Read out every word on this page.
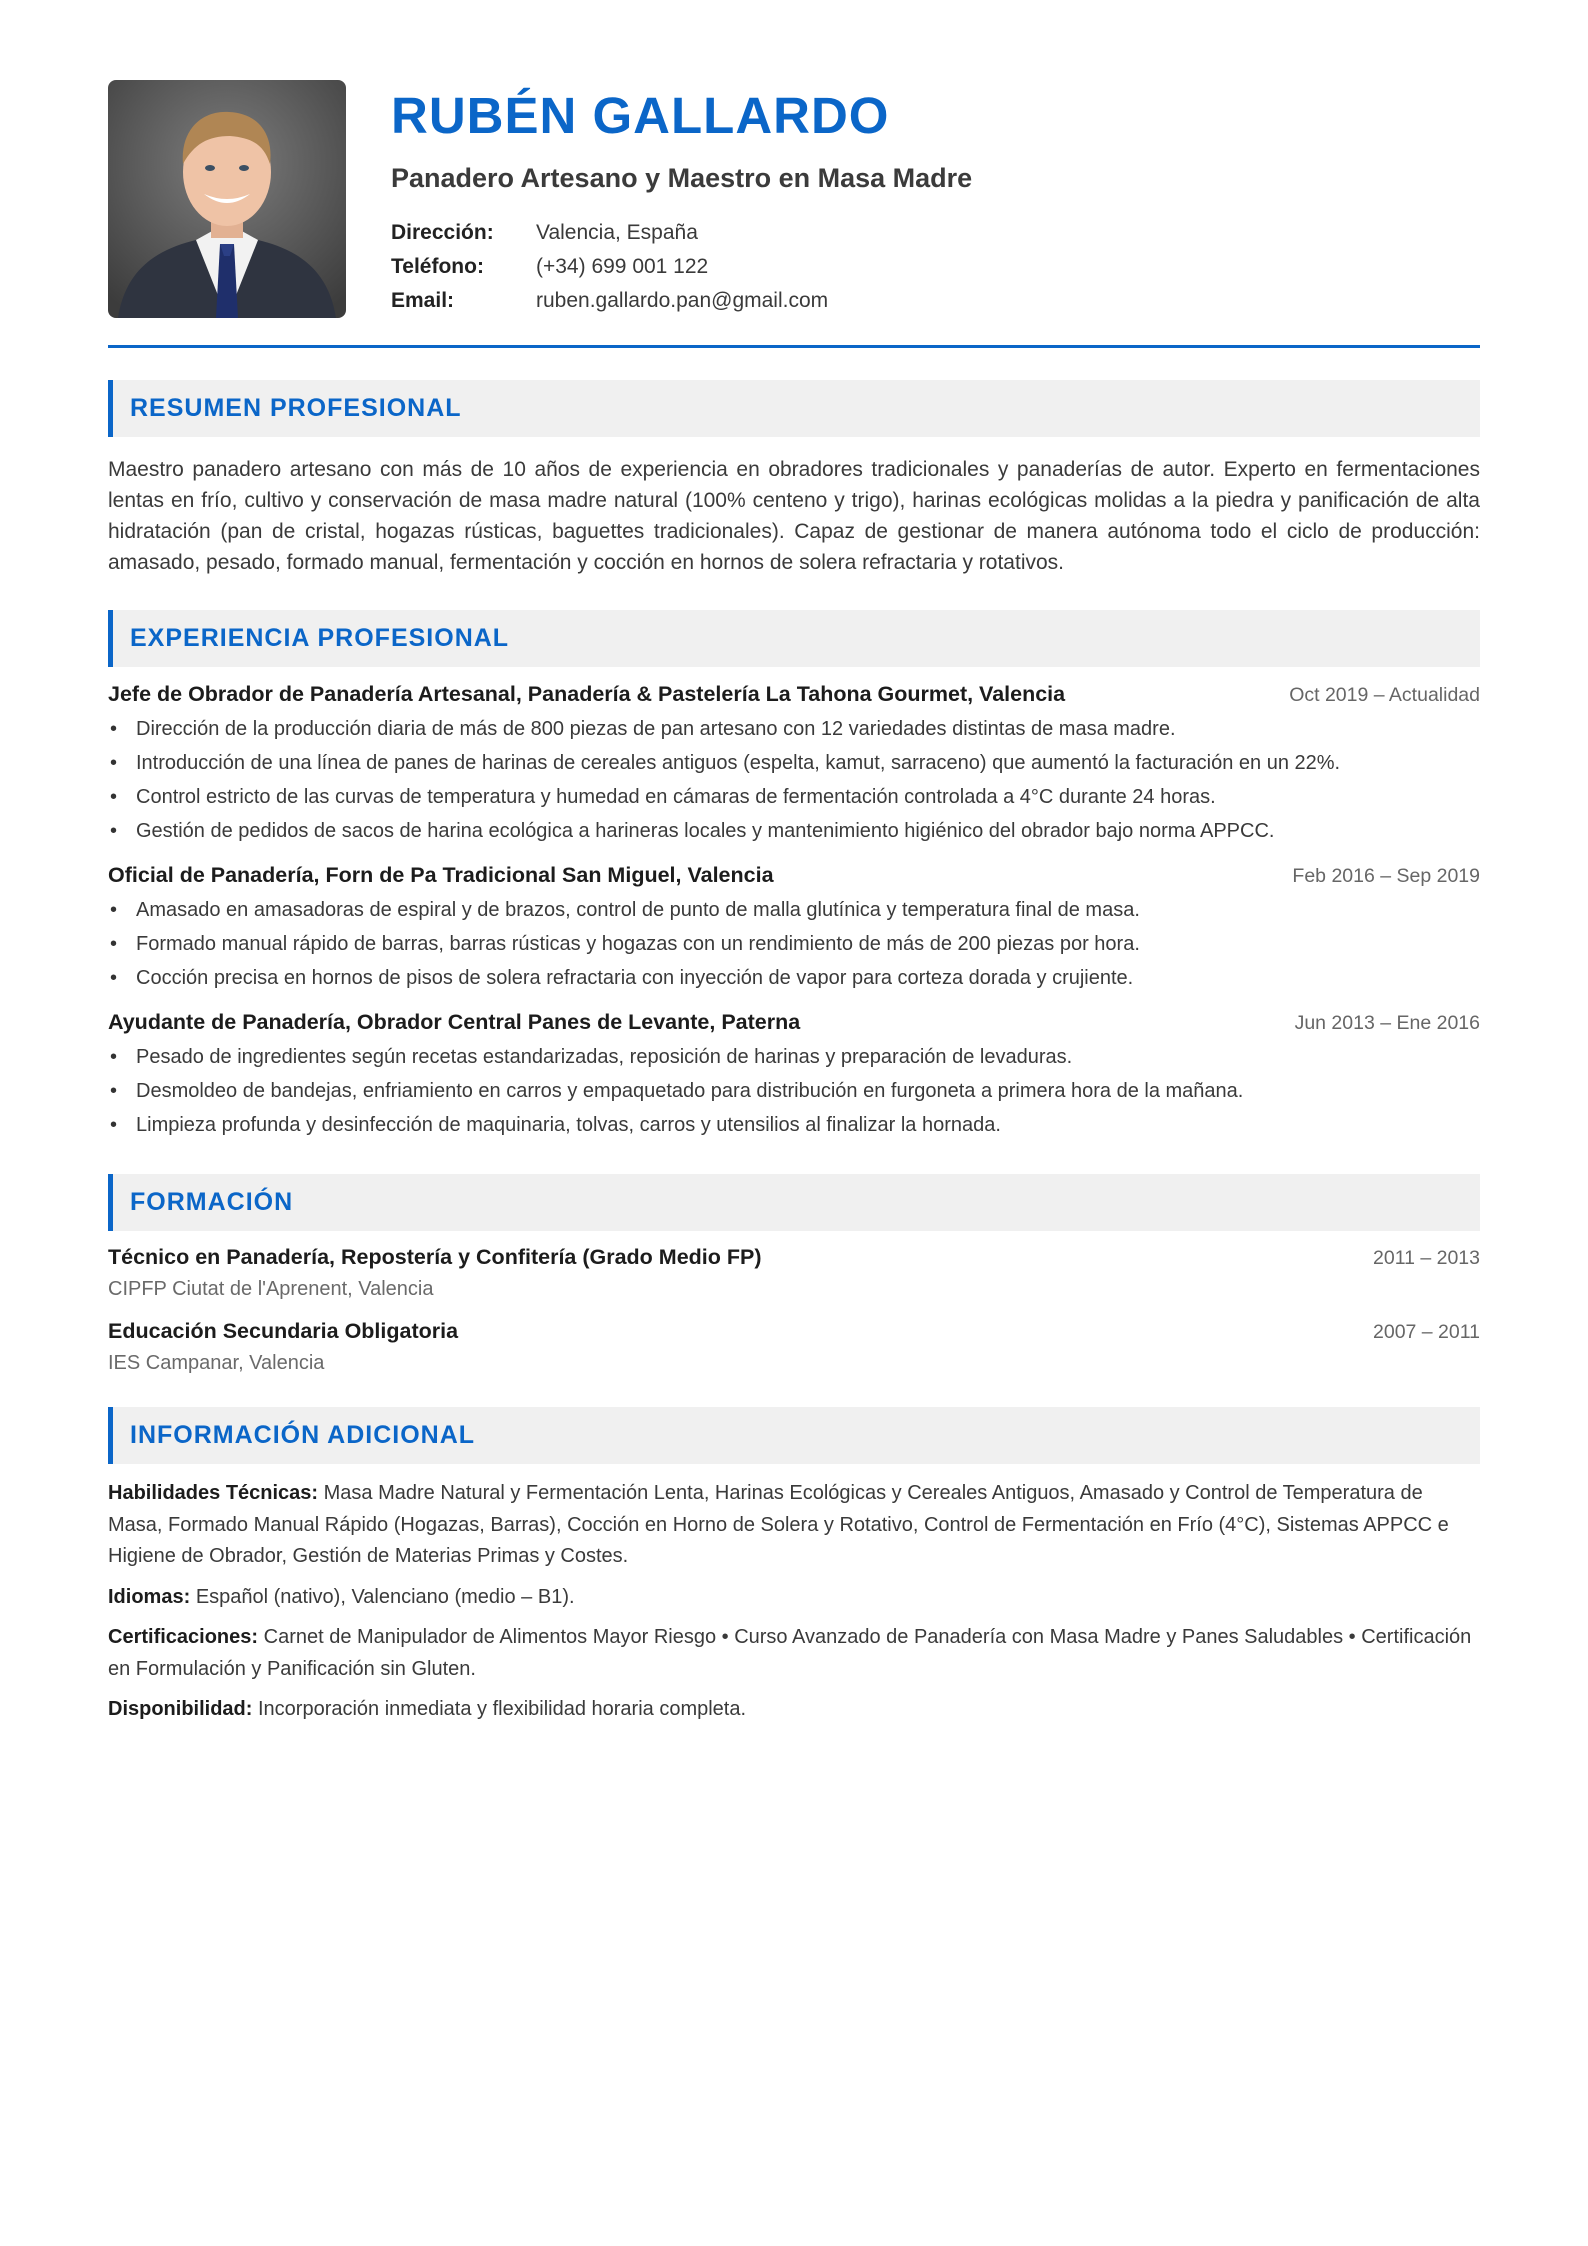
RUBÉN GALLARDO
Panadero Artesano y Maestro en Masa Madre
Dirección:	Valencia, España
Teléfono:	(+34) 699 001 122
Email:	ruben.gallardo.pan@gmail.com
RESUMEN PROFESIONAL

Maestro panadero artesano con más de 10 años de experiencia en obradores tradicionales y panaderías de autor. Experto en fermentaciones lentas en frío, cultivo y conservación de masa madre natural (100% centeno y trigo), harinas ecológicas molidas a la piedra y panificación de alta hidratación (pan de cristal, hogazas rústicas, baguettes tradicionales). Capaz de gestionar de manera autónoma todo el ciclo de producción: amasado, pesado, formado manual, fermentación y cocción en hornos de solera refractaria y rotativos.

EXPERIENCIA PROFESIONAL
Jefe de Obrador de Panadería Artesanal, Panadería & Pastelería La Tahona Gourmet, Valencia	Oct 2019 – Actualidad
• Dirección de la producción diaria de más de 800 piezas de pan artesano con 12 variedades distintas de masa madre.
• Introducción de una línea de panes de harinas de cereales antiguos (espelta, kamut, sarraceno) que aumentó la facturación en un 22%.
• Control estricto de las curvas de temperatura y humedad en cámaras de fermentación controlada a 4°C durante 24 horas.
• Gestión de pedidos de sacos de harina ecológica a harineras locales y mantenimiento higiénico del obrador bajo norma APPCC.
Oficial de Panadería, Forn de Pa Tradicional San Miguel, Valencia	Feb 2016 – Sep 2019
• Amasado en amasadoras de espiral y de brazos, control de punto de malla glutínica y temperatura final de masa.
• Formado manual rápido de barras, barras rústicas y hogazas con un rendimiento de más de 200 piezas por hora.
• Cocción precisa en hornos de pisos de solera refractaria con inyección de vapor para corteza dorada y crujiente.
Ayudante de Panadería, Obrador Central Panes de Levante, Paterna	Jun 2013 – Ene 2016
• Pesado de ingredientes según recetas estandarizadas, reposición de harinas y preparación de levaduras.
• Desmoldeo de bandejas, enfriamiento en carros y empaquetado para distribución en furgoneta a primera hora de la mañana.
• Limpieza profunda y desinfección de maquinaria, tolvas, carros y utensilios al finalizar la hornada.
FORMACIÓN
Técnico en Panadería, Repostería y Confitería (Grado Medio FP)	2011 – 2013
CIPFP Ciutat de l'Aprenent, Valencia
Educación Secundaria Obligatoria	2007 – 2011
IES Campanar, Valencia
INFORMACIÓN ADICIONAL

Habilidades Técnicas: Masa Madre Natural y Fermentación Lenta, Harinas Ecológicas y Cereales Antiguos, Amasado y Control de Temperatura de Masa, Formado Manual Rápido (Hogazas, Barras), Cocción en Horno de Solera y Rotativo, Control de Fermentación en Frío (4°C), Sistemas APPCC e Higiene de Obrador, Gestión de Materias Primas y Costes.

Idiomas: Español (nativo), Valenciano (medio – B1).

Certificaciones: Carnet de Manipulador de Alimentos Mayor Riesgo • Curso Avanzado de Panadería con Masa Madre y Panes Saludables • Certificación en Formulación y Panificación sin Gluten.

Disponibilidad: Incorporación inmediata y flexibilidad horaria completa.
